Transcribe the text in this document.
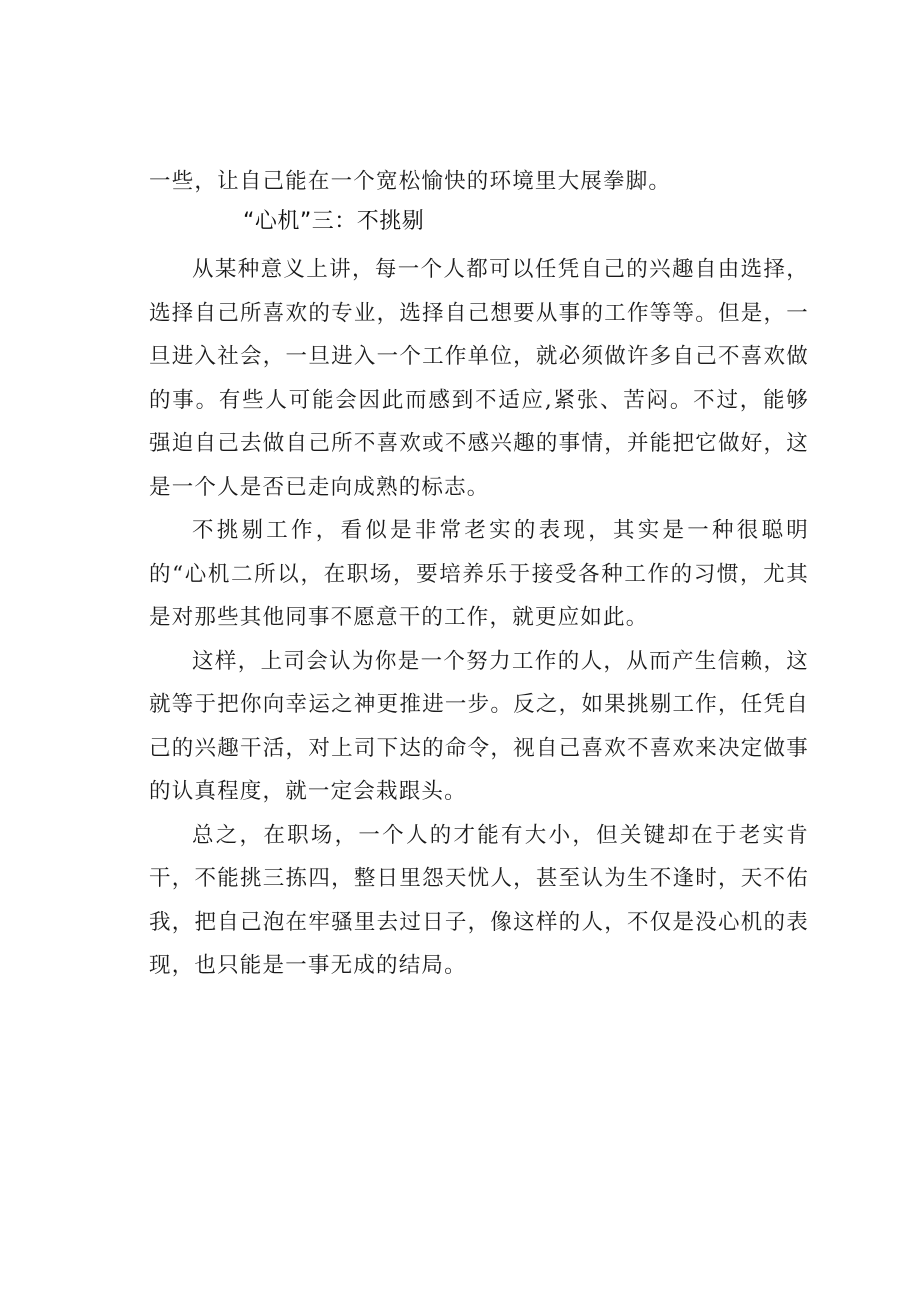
一些，让自己能在一个宽松愉快的环境里大展拳脚。

“心机”三：不挑剔

从某种意义上讲，每一个人都可以任凭自己的兴趣自由选择，选择自己所喜欢的专业，选择自己想要从事的工作等等。但是，一旦进入社会，一旦进入一个工作单位，就必须做许多自己不喜欢做的事。有些人可能会因此而感到不适应,紧张、苦闷。不过，能够强迫自己去做自己所不喜欢或不感兴趣的事情，并能把它做好，这是一个人是否已走向成熟的标志。

不挑剔工作，看似是非常老实的表现，其实是一种很聪明的“心机二所以，在职场，要培养乐于接受各种工作的习惯，尤其是对那些其他同事不愿意干的工作，就更应如此。

这样，上司会认为你是一个努力工作的人，从而产生信赖，这就等于把你向幸运之神更推进一步。反之，如果挑剔工作，任凭自己的兴趣干活，对上司下达的命令，视自己喜欢不喜欢来决定做事的认真程度，就一定会栽跟头。

总之，在职场，一个人的才能有大小，但关键却在于老实肯干，不能挑三拣四，整日里怨天忧人，甚至认为生不逢时，天不佑我，把自己泡在牢骚里去过日子，像这样的人，不仅是没心机的表现，也只能是一事无成的结局。
